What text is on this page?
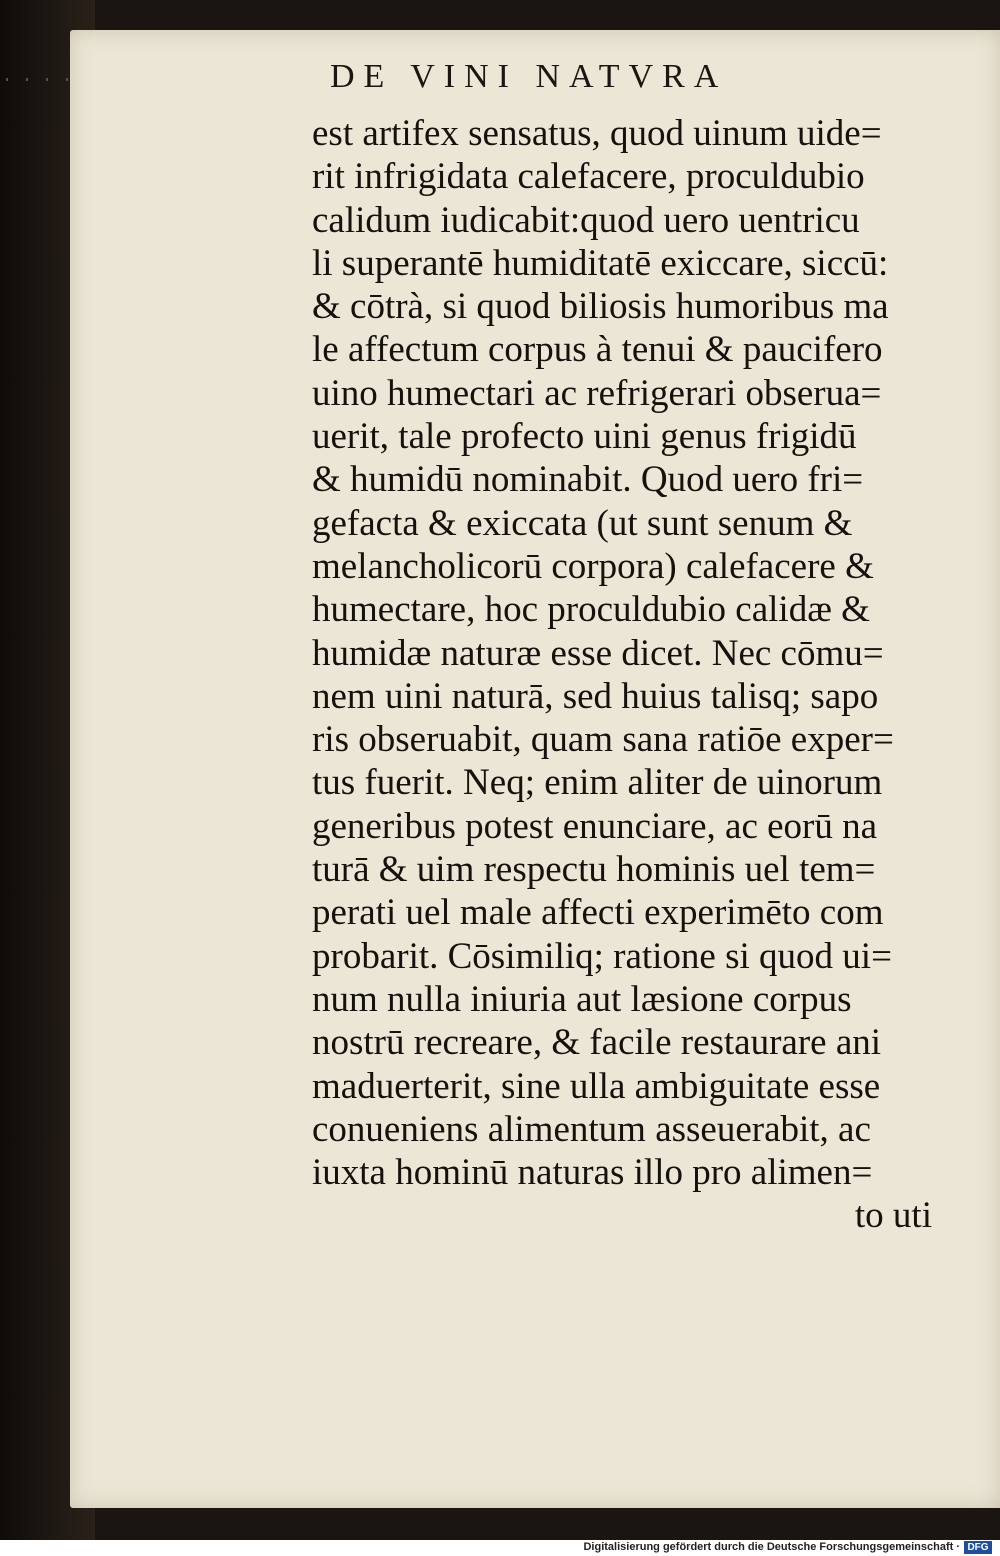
DE VINI NATVRA
est artifex sensatus, quod uinum uide=
rit infrigidata calefacere, proculdubio
calidum iudicabit:quod uero uentricu
li superantē humiditatē exiccare, siccū:
& cōtrà, si quod biliosis humoribus ma
le affectum corpus à tenui & paucifero
uino humectari ac refrigerari obserua=
uerit, tale profecto uini genus frigidū
& humidū nominabit. Quod uero fri=
gefacta & exiccata (ut sunt senum &
melancholicorū corpora) calefacere &
humectare, hoc proculdubio calidæ &
humidæ naturæ esse dicet. Nec cōmu=
nem uini naturā, sed huius talisq; sapo
ris obseruabit, quam sana ratiōe exper=
tus fuerit. Neq; enim aliter de uinorum
generibus potest enunciare, ac eorū na
turā & uim respectu hominis uel tem=
perati uel male affecti experimēto com
probarit. Cōsimiliq; ratione si quod ui=
num nulla iniuria aut læsione corpus
nostrū recreare, & facile restaurare ani
maduerterit, sine ulla ambiguitate esse
conueniens alimentum asseuerabit, ac
iuxta hominū naturas illo pro alimen=
to uti
Digitalisierung gefördert durch die Deutsche Forschungsgemeinschaft · DFG
